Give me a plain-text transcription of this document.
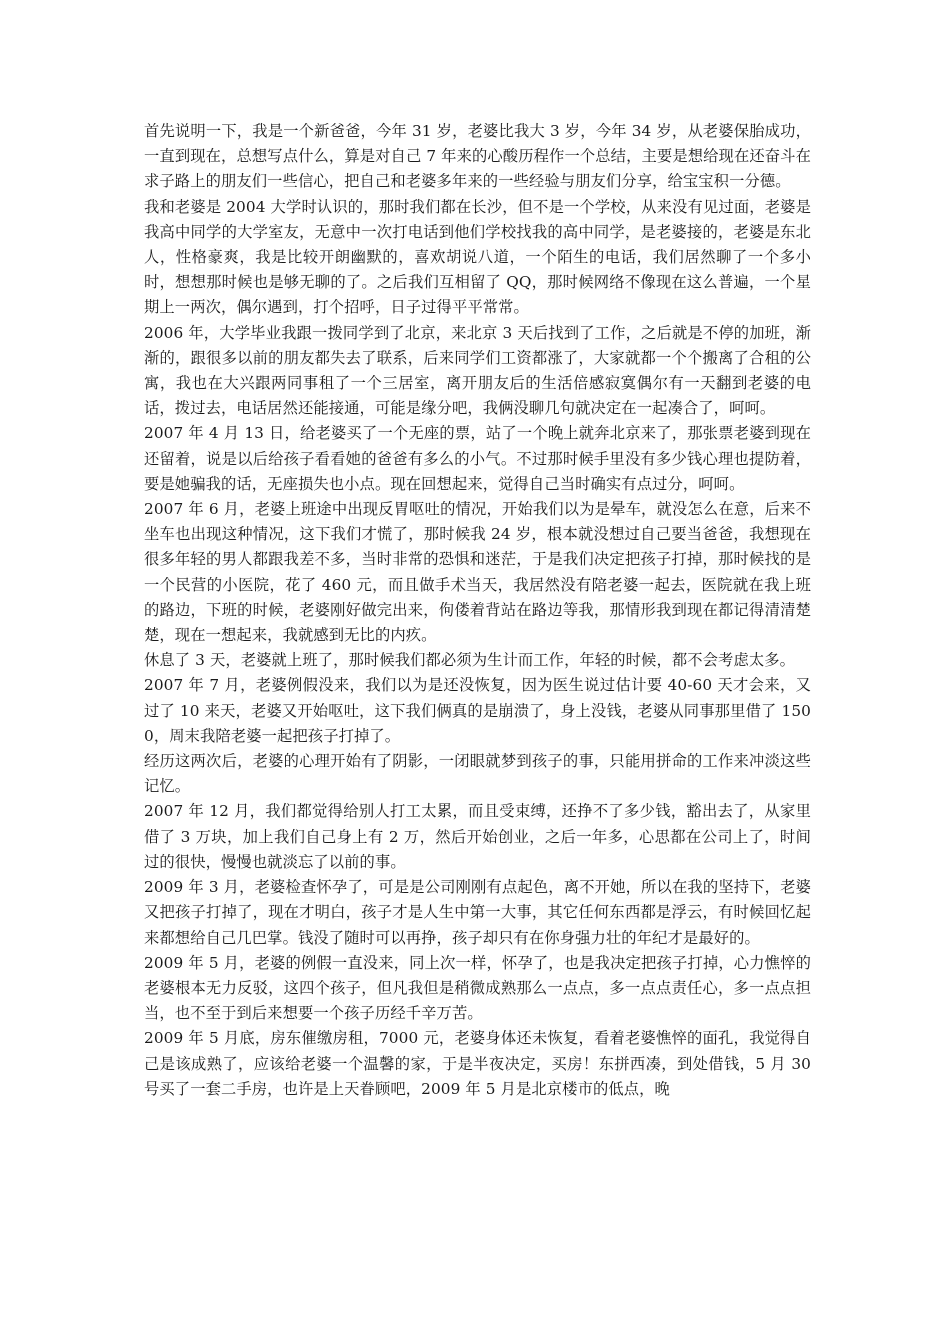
首先说明一下，我是一个新爸爸，今年 31 岁，老婆比我大 3 岁，今年 34 岁，从老婆保胎成功，一直到现在，总想写点什么，算是对自己 7 年来的心酸历程作一个总结，主要是想给现在还奋斗在求子路上的朋友们一些信心，把自己和老婆多年来的一些经验与朋友们分享，给宝宝积一分德。

我和老婆是 2004 大学时认识的，那时我们都在长沙，但不是一个学校，从来没有见过面，老婆是我高中同学的大学室友，无意中一次打电话到他们学校找我的高中同学，是老婆接的，老婆是东北人，性格豪爽，我是比较开朗幽默的，喜欢胡说八道，一个陌生的电话，我们居然聊了一个多小时，想想那时候也是够无聊的了。之后我们互相留了 QQ，那时候网络不像现在这么普遍，一个星期上一两次，偶尔遇到，打个招呼，日子过得平平常常。

2006 年，大学毕业我跟一拨同学到了北京，来北京 3 天后找到了工作，之后就是不停的加班，渐渐的，跟很多以前的朋友都失去了联系，后来同学们工资都涨了，大家就都一个个搬离了合租的公寓，我也在大兴跟两同事租了一个三居室，离开朋友后的生活倍感寂寞偶尔有一天翻到老婆的电话，拨过去，电话居然还能接通，可能是缘分吧，我俩没聊几句就决定在一起凑合了，呵呵。

2007 年 4 月 13 日，给老婆买了一个无座的票，站了一个晚上就奔北京来了，那张票老婆到现在还留着，说是以后给孩子看看她的爸爸有多么的小气。不过那时候手里没有多少钱心理也提防着，要是她骗我的话，无座损失也小点。现在回想起来，觉得自己当时确实有点过分，呵呵。

2007 年 6 月，老婆上班途中出现反胃呕吐的情况，开始我们以为是晕车，就没怎么在意，后来不坐车也出现这种情况，这下我们才慌了，那时候我 24 岁，根本就没想过自己要当爸爸，我想现在很多年轻的男人都跟我差不多，当时非常的恐惧和迷茫，于是我们决定把孩子打掉，那时候找的是一个民营的小医院，花了 460 元，而且做手术当天，我居然没有陪老婆一起去，医院就在我上班的路边，下班的时候，老婆刚好做完出来，佝偻着背站在路边等我，那情形我到现在都记得清清楚楚，现在一想起来，我就感到无比的内疚。

休息了 3 天，老婆就上班了，那时候我们都必须为生计而工作，年轻的时候，都不会考虑太多。

2007 年 7 月，老婆例假没来，我们以为是还没恢复，因为医生说过估计要 40-60 天才会来，又过了 10 来天，老婆又开始呕吐，这下我们俩真的是崩溃了，身上没钱，老婆从同事那里借了 1500，周末我陪老婆一起把孩子打掉了。

经历这两次后，老婆的心理开始有了阴影，一闭眼就梦到孩子的事，只能用拼命的工作来冲淡这些记忆。

2007 年 12 月，我们都觉得给别人打工太累，而且受束缚，还挣不了多少钱，豁出去了，从家里借了 3 万块，加上我们自己身上有 2 万，然后开始创业，之后一年多，心思都在公司上了，时间过的很快，慢慢也就淡忘了以前的事。

2009 年 3 月，老婆检查怀孕了，可是是公司刚刚有点起色，离不开她，所以在我的坚持下，老婆又把孩子打掉了，现在才明白，孩子才是人生中第一大事，其它任何东西都是浮云，有时候回忆起来都想给自己几巴掌。钱没了随时可以再挣，孩子却只有在你身强力壮的年纪才是最好的。

2009 年 5 月，老婆的例假一直没来，同上次一样，怀孕了，也是我决定把孩子打掉，心力憔悴的老婆根本无力反驳，这四个孩子，但凡我但是稍微成熟那么一点点，多一点点责任心，多一点点担当，也不至于到后来想要一个孩子历经千辛万苦。

2009 年 5 月底，房东催缴房租，7000 元，老婆身体还未恢复，看着老婆憔悴的面孔，我觉得自己是该成熟了，应该给老婆一个温馨的家，于是半夜决定，买房！东拼西凑，到处借钱，5 月 30 号买了一套二手房，也许是上天眷顾吧，2009 年 5 月是北京楼市的低点，晚
